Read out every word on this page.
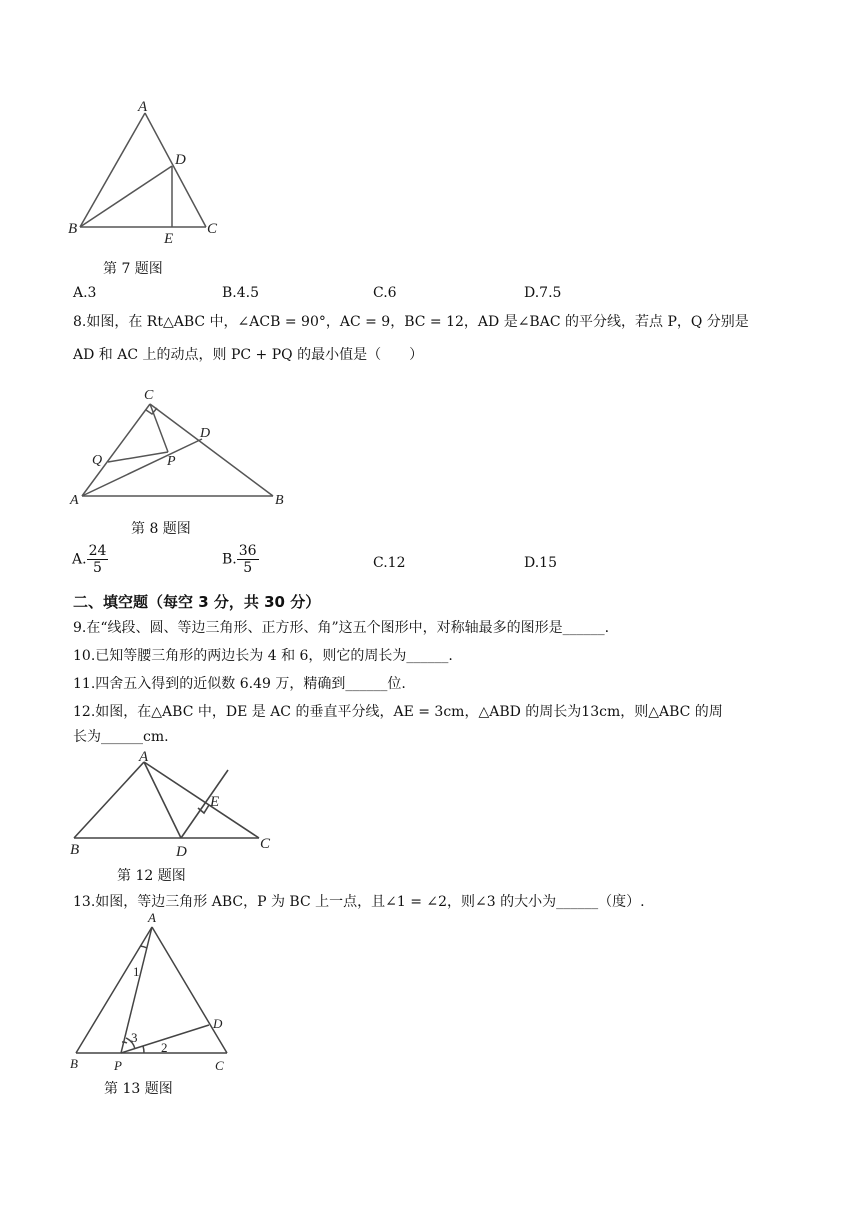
A
D
B	C
E
第 7 题图
A.3	B.4.5	C.6	D.7.5
8.如图，在 Rt△ABC 中，∠ACB = 90°，AC = 9，BC = 12，AD 是∠BAC 的平分线，若点 P，Q 分别是
AD 和 AC 上的动点，则 PC + PQ 的最小值是（　　）
C
D
Q	P
A	B
第 8 题图
A. $\frac{24}{5}$	B. $\frac{36}{5}$	C.12	D.15
二、填空题（每空 3 分，共 30 分）
9.在“线段、圆、等边三角形、正方形、角”这五个图形中，对称轴最多的图形是______.
10.已知等腰三角形的两边长为 4 和 6，则它的周长为______.
11.四舍五入得到的近似数 6.49 万，精确到______位.
12.如图，在△ABC 中，DE 是 AC 的垂直平分线，AE = 3cm，△ABD 的周长为13cm，则△ABC 的周
长为______cm.
A
E
B	D	C
第 12 题图
13.如图，等边三角形 ABC，P 为 BC 上一点，且∠1 = ∠2，则∠3 的大小为______（度）.
A
1
D
3
2
B	P	C
第 13 题图
